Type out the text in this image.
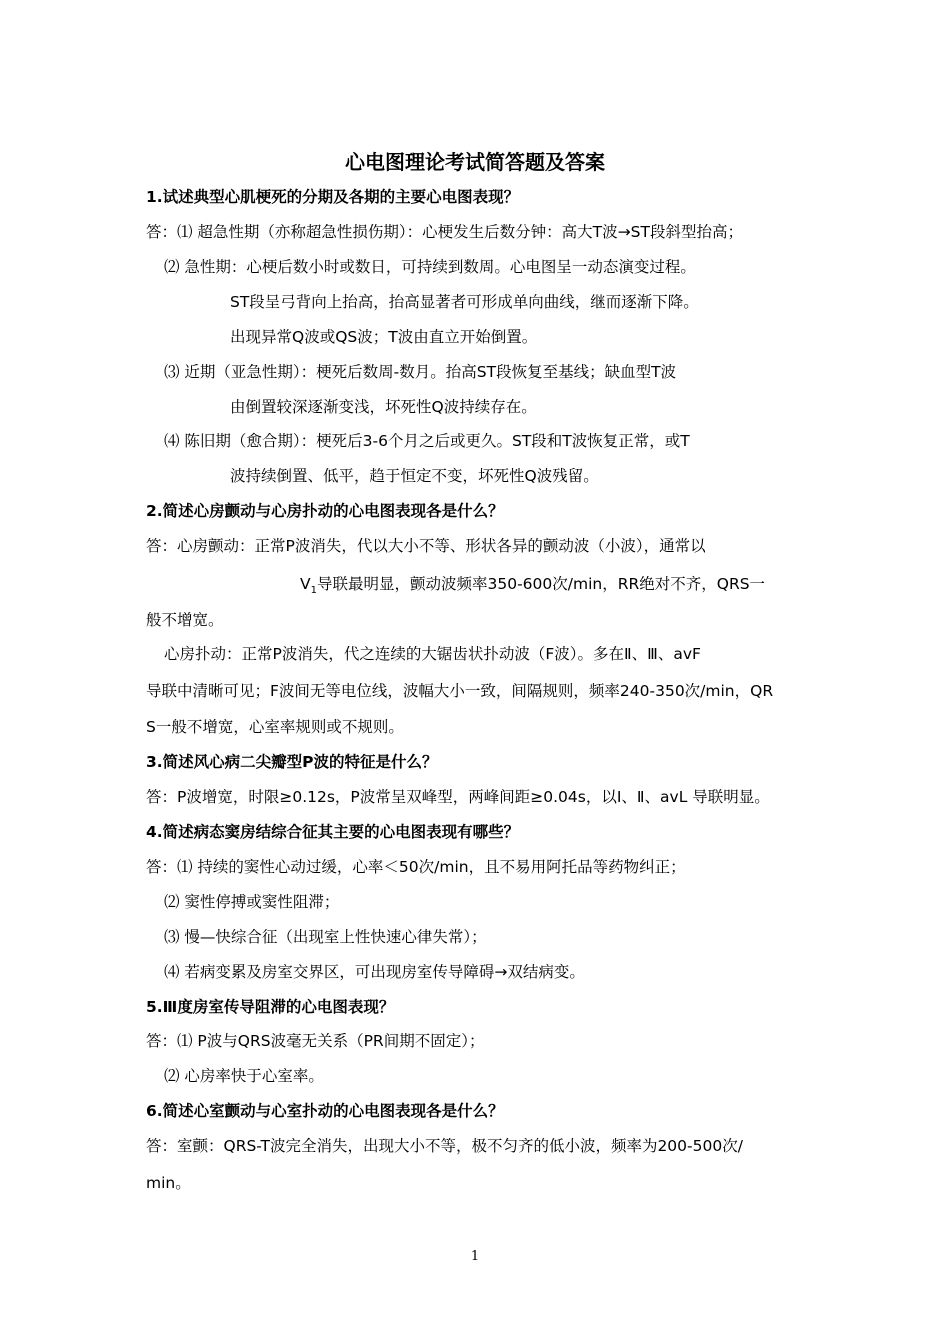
心电图理论考试简答题及答案
1.试述典型心肌梗死的分期及各期的主要心电图表现？
答：⑴ 超急性期（亦称超急性损伤期）：心梗发生后数分钟：高大T波→ST段斜型抬高；
⑵ 急性期：心梗后数小时或数日，可持续到数周。心电图呈一动态演变过程。
ST段呈弓背向上抬高，抬高显著者可形成单向曲线，继而逐渐下降。
出现异常Q波或QS波；T波由直立开始倒置。
⑶ 近期（亚急性期）：梗死后数周-数月。抬高ST段恢复至基线；缺血型T波
由倒置较深逐渐变浅，坏死性Q波持续存在。
⑷ 陈旧期（愈合期）：梗死后3-6个月之后或更久。ST段和T波恢复正常，或T
波持续倒置、低平，趋于恒定不变，坏死性Q波残留。
2.简述心房颤动与心房扑动的心电图表现各是什么？
答：心房颤动：正常P波消失，代以大小不等、形状各异的颤动波（小波），通常以
$V_1$导联最明显，颤动波频率350-600次/min，RR绝对不齐，QRS一
般不增宽。
心房扑动：正常P波消失，代之连续的大锯齿状扑动波（F波）。多在Ⅱ、Ⅲ、avF
导联中清晰可见；F波间无等电位线，波幅大小一致，间隔规则，频率240-350次/min，QR
S一般不增宽，心室率规则或不规则。
3.简述风心病二尖瓣型P波的特征是什么？
答：P波增宽，时限≥0.12s，P波常呈双峰型，两峰间距≥0.04s，以Ⅰ、Ⅱ、avL 导联明显。
4.简述病态窦房结综合征其主要的心电图表现有哪些？
答：⑴ 持续的窦性心动过缓，心率＜50次/min，且不易用阿托品等药物纠正；
⑵ 窦性停搏或窦性阻滞；
⑶ 慢—快综合征（出现室上性快速心律失常）；
⑷ 若病变累及房室交界区，可出现房室传导障碍→双结病变。
5.Ⅲ度房室传导阻滞的心电图表现？
答：⑴ P波与QRS波毫无关系（PR间期不固定）；
⑵ 心房率快于心室率。
6.简述心室颤动与心室扑动的心电图表现各是什么？
答：室颤：QRS-T波完全消失，出现大小不等，极不匀齐的低小波，频率为200-500次/
min。
1
